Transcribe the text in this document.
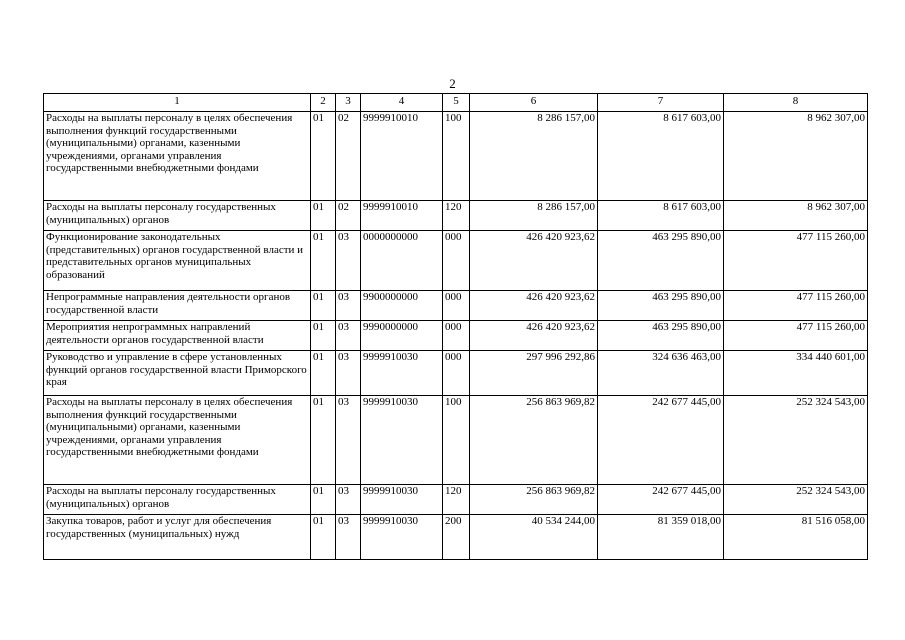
2
1	2	3	4	5	6	7	8
Расходы на выплаты персоналу в целях обеспечения выполнения функций государственными (муниципальными) органами, казенными учреждениями, органами управления государственными внебюджетными фондами	01	02	9999910010	100	8 286 157,00	8 617 603,00	8 962 307,00
Расходы на выплаты персоналу государственных (муниципальных) органов	01	02	9999910010	120	8 286 157,00	8 617 603,00	8 962 307,00
Функционирование законодательных (представительных) органов государственной власти и представительных органов муниципальных образований	01	03	0000000000	000	426 420 923,62	463 295 890,00	477 115 260,00
Непрограммные направления деятельности органов государственной власти	01	03	9900000000	000	426 420 923,62	463 295 890,00	477 115 260,00
Мероприятия непрограммных направлений деятельности органов государственной власти	01	03	9990000000	000	426 420 923,62	463 295 890,00	477 115 260,00
Руководство и управление в сфере установленных функций органов государственной власти Приморского края	01	03	9999910030	000	297 996 292,86	324 636 463,00	334 440 601,00
Расходы на выплаты персоналу в целях обеспечения выполнения функций государственными (муниципальными) органами, казенными учреждениями, органами управления государственными внебюджетными фондами	01	03	9999910030	100	256 863 969,82	242 677 445,00	252 324 543,00
Расходы на выплаты персоналу государственных (муниципальных) органов	01	03	9999910030	120	256 863 969,82	242 677 445,00	252 324 543,00
Закупка товаров, работ и услуг для обеспечения государственных (муниципальных) нужд	01	03	9999910030	200	40 534 244,00	81 359 018,00	81 516 058,00
